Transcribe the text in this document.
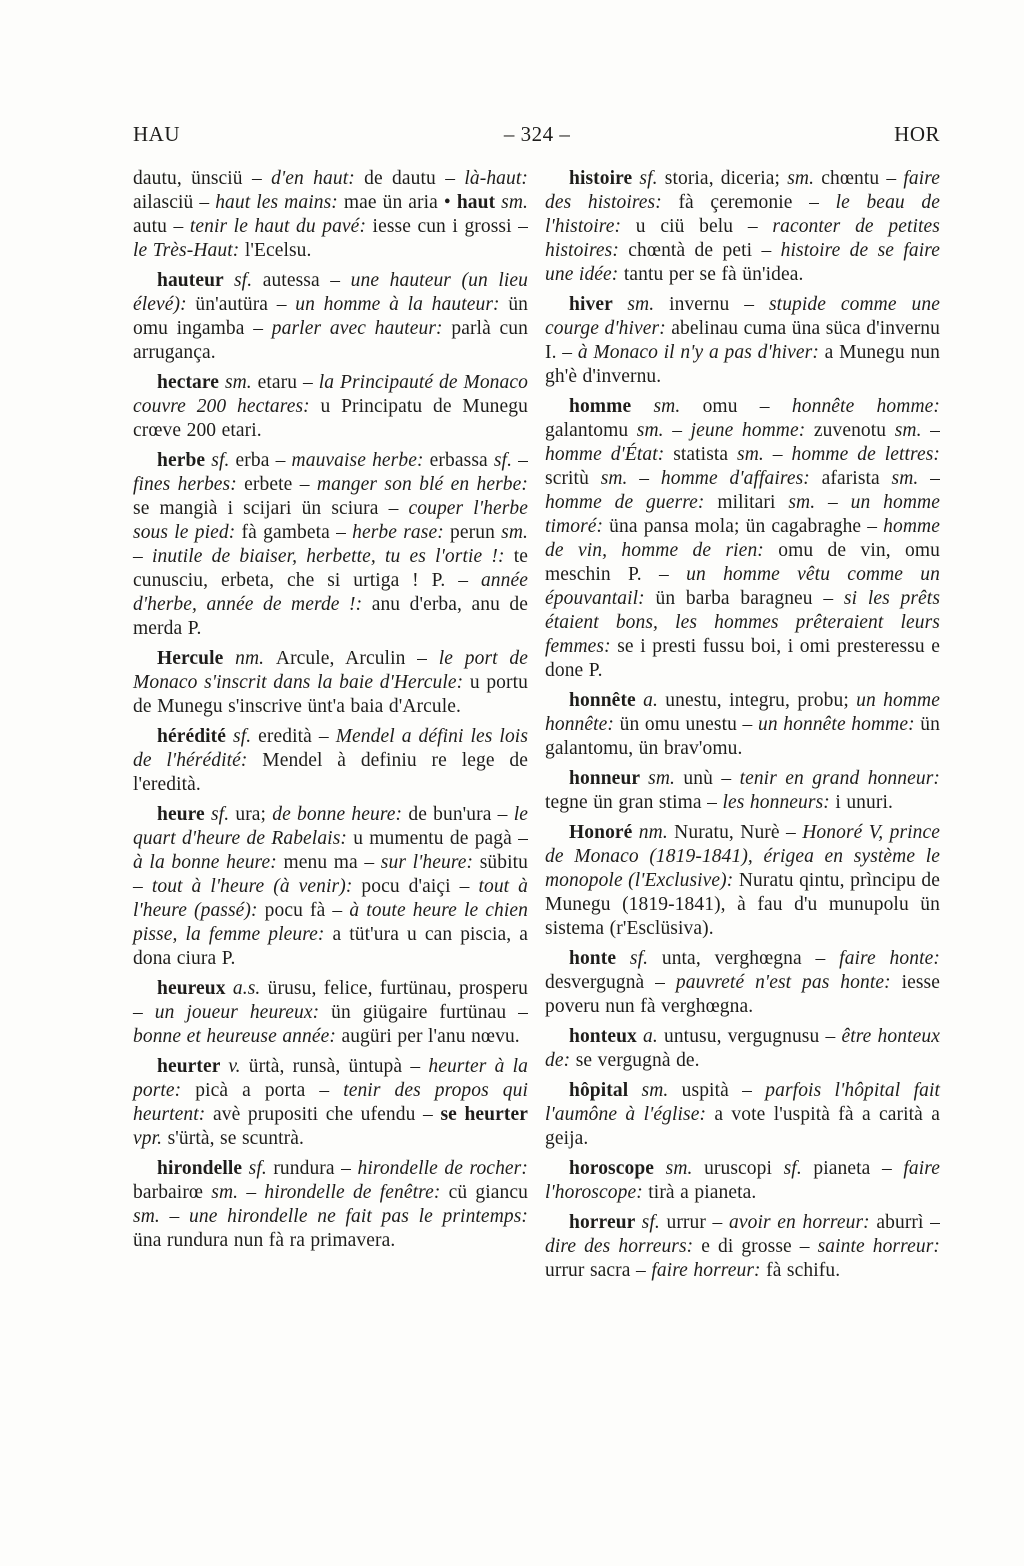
HAU	– 324 –	HOR

dautu, ünsciü – d'en haut: de dautu – là-haut: ailasciü – haut les mains: mae ün aria • haut sm. autu – tenir le haut du pavé: iesse cun i grossi – le Très-Haut: l'Ecelsu.

hauteur sf. autessa – une hauteur (un lieu élevé): ün'autüra – un homme à la hauteur: ün omu ingamba – parler avec hauteur: parlà cun arrugança.

hectare sm. etaru – la Principauté de Monaco couvre 200 hectares: u Principatu de Munegu crœve 200 etari.

herbe sf. erba – mauvaise herbe: erbassa sf. – fines herbes: erbete – manger son blé en herbe: se mangià i scijari ün sciura – couper l'herbe sous le pied: fà gambeta – herbe rase: perun sm. – inutile de biaiser, herbette, tu es l'ortie !: te cunusciu, erbeta, che si urtiga ! P. – année d'herbe, année de merde !: anu d'erba, anu de merda P.

Hercule nm. Arcule, Arculin – le port de Monaco s'inscrit dans la baie d'Hercule: u portu de Munegu s'inscrive ünt'a baia d'Arcule.

hérédité sf. eredità – Mendel a défini les lois de l'hérédité: Mendel à definiu re lege de l'eredità.

heure sf. ura; de bonne heure: de bun'ura – le quart d'heure de Rabelais: u mumentu de pagà – à la bonne heure: menu ma – sur l'heure: sübitu – tout à l'heure (à venir): pocu d'aiçi – tout à l'heure (passé): pocu fà – à toute heure le chien pisse, la femme pleure: a tüt'ura u can piscia, a dona ciura P.

heureux a.s. ürusu, felice, furtünau, prosperu – un joueur heureux: ün giügaire furtünau – bonne et heureuse année: augüri per l'anu nœvu.

heurter v. ürtà, runsà, üntupà – heurter à la porte: picà a porta – tenir des propos qui heurtent: avè prupositi che ufendu – se heurter vpr. s'ürtà, se scuntrà.

hirondelle sf. rundura – hirondelle de rocher: barbairœ sm. – hirondelle de fenêtre: cü giancu sm. – une hirondelle ne fait pas le printemps: üna rundura nun fà ra primavera.

histoire sf. storia, diceria; sm. chœntu – faire des histoires: fà çeremonie – le beau de l'histoire: u ciü belu – raconter de petites histoires: chœntà de peti – histoire de se faire une idée: tantu per se fà ün'idea.

hiver sm. invernu – stupide comme une courge d'hiver: abelinau cuma üna süca d'invernu I. – à Monaco il n'y a pas d'hiver: a Munegu nun gh'è d'invernu.

homme sm. omu – honnête homme: galantomu sm. – jeune homme: zuvenotu sm. – homme d'État: statista sm. – homme de lettres: scritù sm. – homme d'affaires: afarista sm. – homme de guerre: militari sm. – un homme timoré: üna pansa mola; ün cagabraghe – homme de vin, homme de rien: omu de vin, omu meschin P. – un homme vêtu comme un épouvantail: ün barba baragneu – si les prêts étaient bons, les hommes prêteraient leurs femmes: se i presti fussu boi, i omi presteressu e done P.

honnête a. unestu, integru, probu; un homme honnête: ün omu unestu – un honnête homme: ün galantomu, ün brav'omu.

honneur sm. unù – tenir en grand honneur: tegne ün gran stima – les honneurs: i unuri.

Honoré nm. Nuratu, Nurè – Honoré V, prince de Monaco (1819-1841), érigea en système le monopole (l'Exclusive): Nuratu qintu, prìncipu de Munegu (1819-1841), à fau d'u munupolu ün sistema (r'Esclüsiva).

honte sf. unta, verghœgna – faire honte: desvergugnà – pauvreté n'est pas honte: iesse poveru nun fà verghœgna.

honteux a. untusu, vergugnusu – être honteux de: se vergugnà de.

hôpital sm. uspità – parfois l'hôpital fait l'aumône à l'église: a vote l'uspità fà a carità a geija.

horoscope sm. uruscopi sf. pianeta – faire l'horoscope: tirà a pianeta.

horreur sf. urrur – avoir en horreur: aburrì – dire des horreurs: e di grosse – sainte horreur: urrur sacra – faire horreur: fà schifu.
